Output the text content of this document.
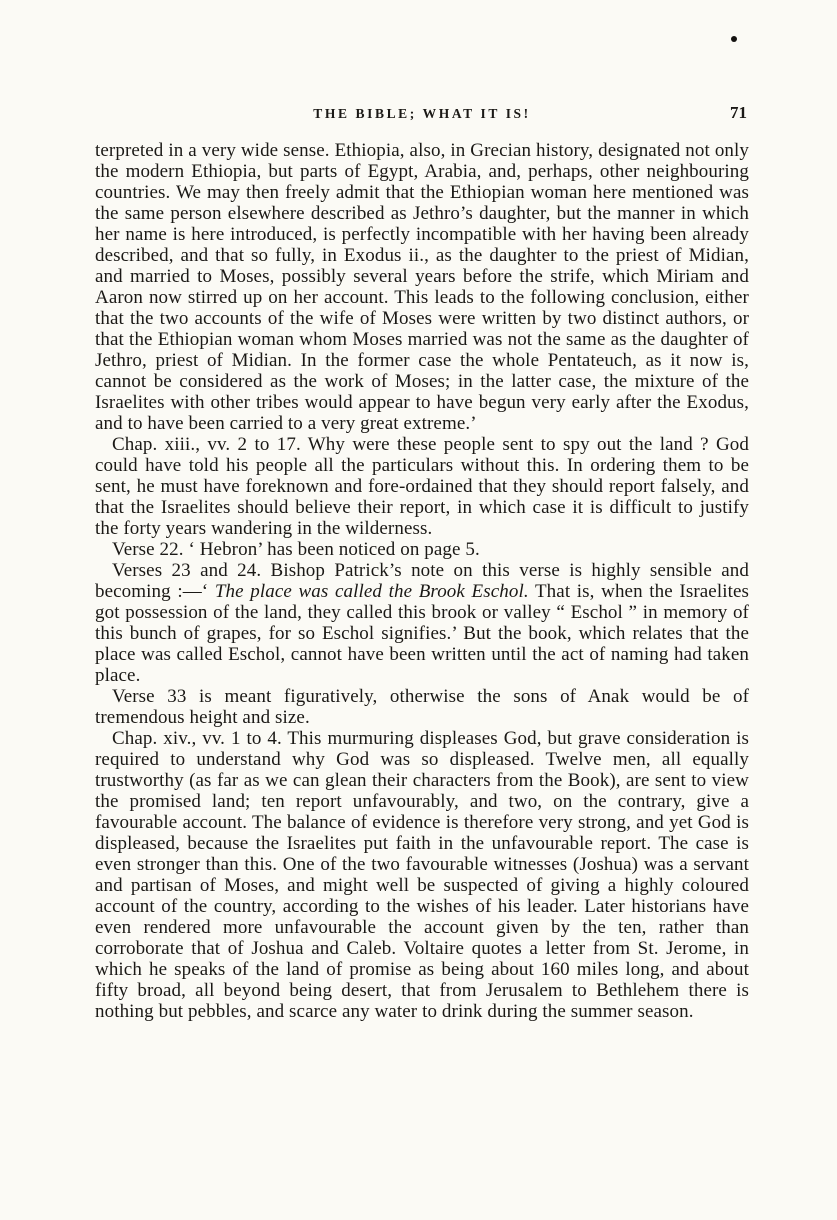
THE BIBLE; WHAT IT IS!	71

terpreted in a very wide sense. Ethiopia, also, in Grecian history, designated not only the modern Ethiopia, but parts of Egypt, Arabia, and, perhaps, other neighbouring countries. We may then freely admit that the Ethiopian woman here mentioned was the same person elsewhere described as Jethro’s daughter, but the manner in which her name is here introduced, is perfectly incompatible with her having been already described, and that so fully, in Exodus ii., as the daughter to the priest of Midian, and married to Moses, possibly several years before the strife, which Miriam and Aaron now stirred up on her account. This leads to the following conclusion, either that the two accounts of the wife of Moses were written by two distinct authors, or that the Ethiopian woman whom Moses married was not the same as the daughter of Jethro, priest of Midian. In the former case the whole Pentateuch, as it now is, cannot be considered as the work of Moses; in the latter case, the mixture of the Israelites with other tribes would appear to have begun very early after the Exodus, and to have been carried to a very great extreme.’

Chap. xiii., vv. 2 to 17. Why were these people sent to spy out the land ? God could have told his people all the particulars without this. In ordering them to be sent, he must have foreknown and fore-ordained that they should report falsely, and that the Israelites should believe their report, in which case it is difficult to justify the forty years wandering in the wilderness.

Verse 22. ‘ Hebron’ has been noticed on page 5.

Verses 23 and 24. Bishop Patrick’s note on this verse is highly sensible and becoming :—‘ The place was called the Brook Eschol. That is, when the Israelites got possession of the land, they called this brook or valley “ Eschol ” in memory of this bunch of grapes, for so Eschol signifies.’ But the book, which relates that the place was called Eschol, cannot have been written until the act of naming had taken place.

Verse 33 is meant figuratively, otherwise the sons of Anak would be of tremendous height and size.

Chap. xiv., vv. 1 to 4. This murmuring displeases God, but grave consideration is required to understand why God was so displeased. Twelve men, all equally trustworthy (as far as we can glean their characters from the Book), are sent to view the promised land; ten report unfavourably, and two, on the contrary, give a favourable account. The balance of evidence is therefore very strong, and yet God is displeased, because the Israelites put faith in the unfavourable report. The case is even stronger than this. One of the two favourable witnesses (Joshua) was a servant and partisan of Moses, and might well be suspected of giving a highly coloured account of the country, according to the wishes of his leader. Later historians have even rendered more unfavourable the account given by the ten, rather than corroborate that of Joshua and Caleb. Voltaire quotes a letter from St. Jerome, in which he speaks of the land of promise as being about 160 miles long, and about fifty broad, all beyond being desert, that from Jerusalem to Bethlehem there is nothing but pebbles, and scarce any water to drink during the summer season.
